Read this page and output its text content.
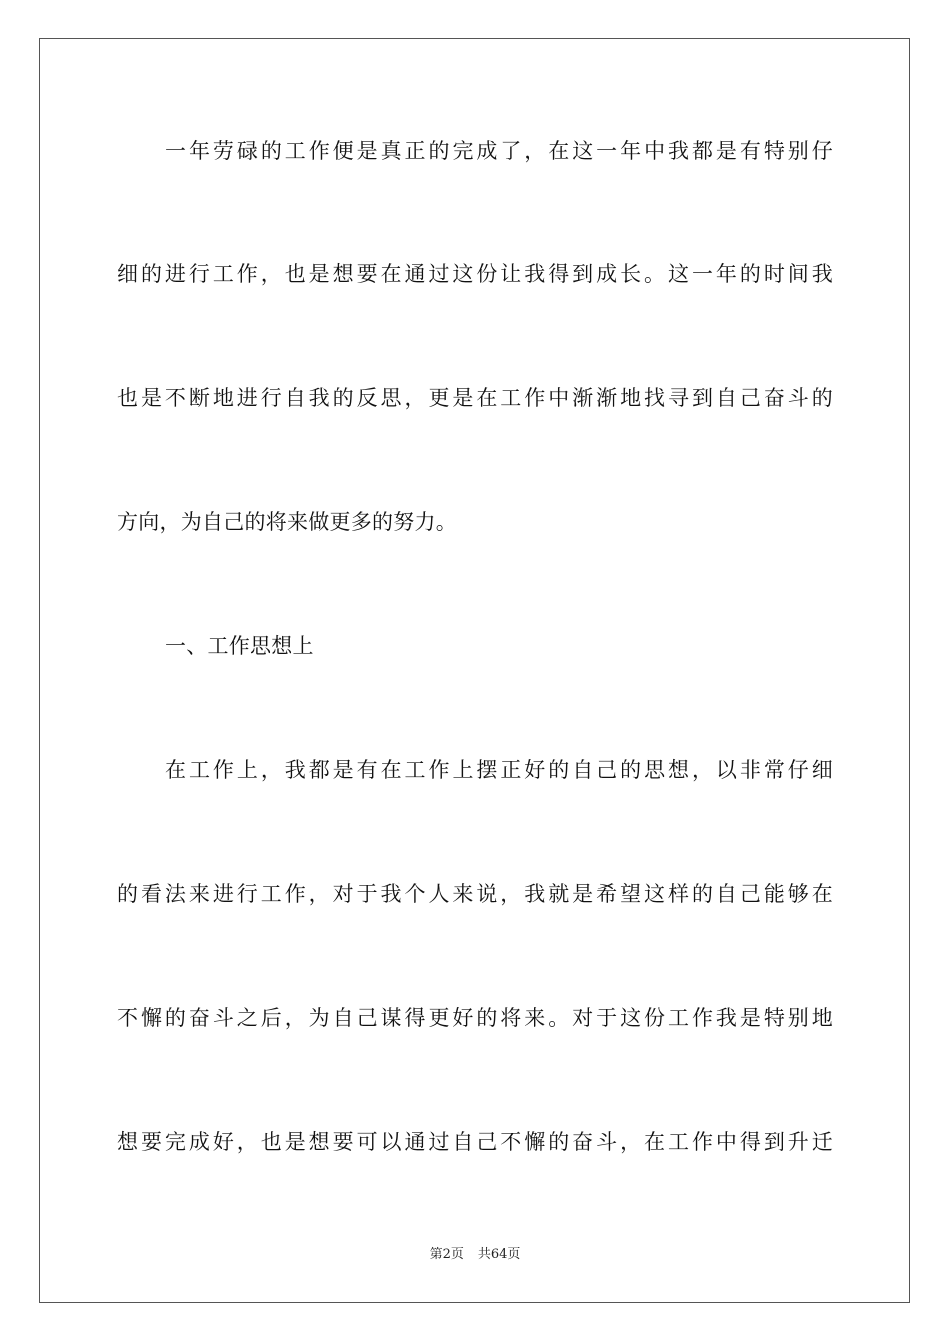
一年劳碌的工作便是真正的完成了，在这一年中我都是有特别仔
细的进行工作，也是想要在通过这份让我得到成长。这一年的时间我
也是不断地进行自我的反思，更是在工作中渐渐地找寻到自己奋斗的
方向，为自己的将来做更多的努力。
一、工作思想上
在工作上，我都是有在工作上摆正好的自己的思想，以非常仔细
的看法来进行工作，对于我个人来说，我就是希望这样的自己能够在
不懈的奋斗之后，为自己谋得更好的将来。对于这份工作我是特别地
想要完成好，也是想要可以通过自己不懈的奋斗，在工作中得到升迁
第2页 共64页
